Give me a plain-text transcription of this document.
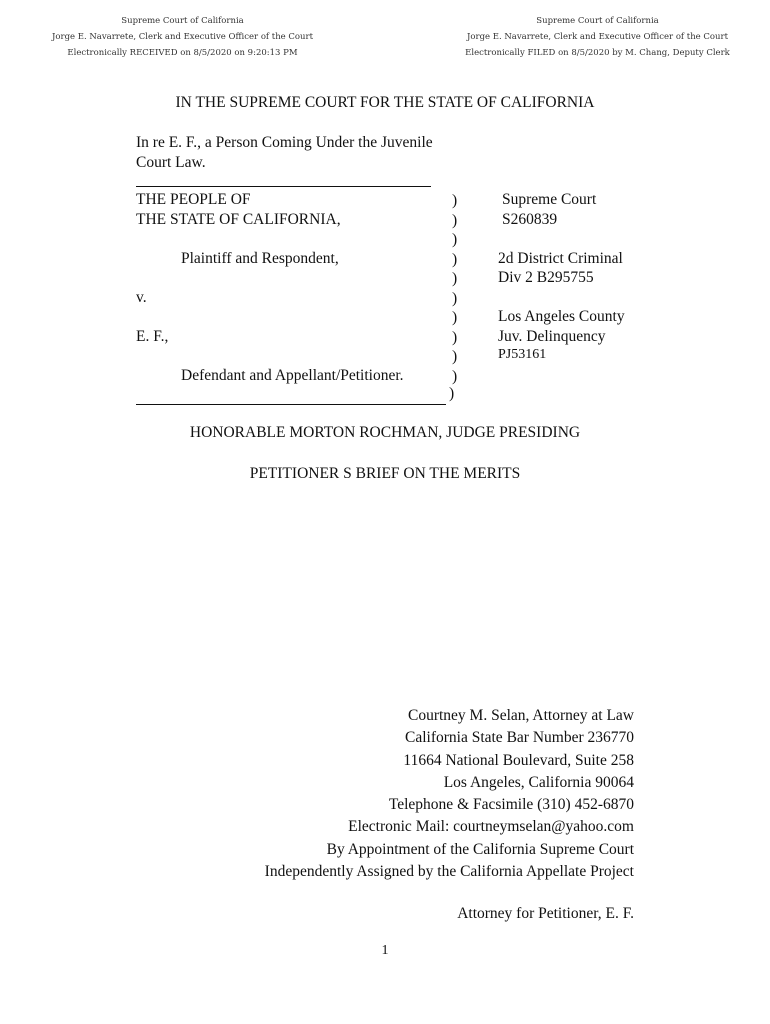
Supreme Court of California
Jorge E. Navarrete, Clerk and Executive Officer of the Court
Electronically RECEIVED on 8/5/2020 on 9:20:13 PM
Supreme Court of California
Jorge E. Navarrete, Clerk and Executive Officer of the Court
Electronically FILED on 8/5/2020 by M. Chang, Deputy Clerk
IN THE SUPREME COURT FOR THE STATE OF CALIFORNIA
In re E. F., a Person Coming Under the Juvenile
Court Law.
THE PEOPLE OF
THE STATE OF CALIFORNIA,
Plaintiff and Respondent,
v.
E. F.,
Defendant and Appellant/Petitioner.
)
)
)
)
)
)
)
)
)
)
Supreme Court
S260839
2d District Criminal
Div 2 B295755
Los Angeles County
Juv. Delinquency
PJ53161
)
HONORABLE MORTON ROCHMAN, JUDGE PRESIDING
PETITIONER S BRIEF ON THE MERITS
Courtney M. Selan, Attorney at Law
California State Bar Number 236770
11664 National Boulevard, Suite 258
Los Angeles, California 90064
Telephone & Facsimile (310) 452-6870
Electronic Mail: courtneymselan@yahoo.com
By Appointment of the California Supreme Court
Independently Assigned by the California Appellate Project
Attorney for Petitioner, E. F.
1
